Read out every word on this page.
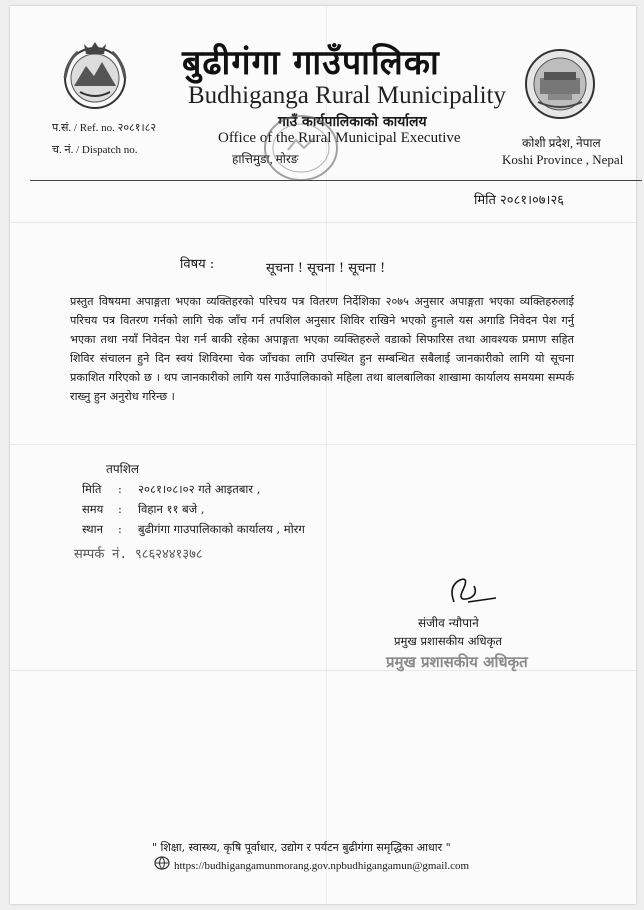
बुढीगंगा गाउँपालिका
Budhiganga Rural Municipality
गाउँ कार्यपालिकाको कार्यालय
Office of the Rural Municipal Executive
हात्तिमुडा, मोरङ
प.सं. / Ref. no. २०८१।८२
च. नं. / Dispatch no.	कोशी प्रदेश, नेपाल
Koshi Province , Nepal
मिति २०८१।०७।२६
विषय :	सूचना ! सूचना ! सूचना !
प्रस्तुत विषयमा अपाङ्गता भएका व्यक्तिहरको परिचय पत्र वितरण निर्देशिका २०७५ अनुसार अपाङ्गता भएका व्यक्तिहरुलाई परिचय पत्र वितरण गर्नको लागि चेक जाँच गर्न तपशिल अनुसार शिविर राखिने भएको हुनाले यस अगाडि निवेदन पेश गर्नु भएका तथा नयाँ निवेदन पेश गर्न बाकी रहेका अपाङ्गता भएका व्यक्तिहरुले वडाको सिफारिस तथा आवश्यक प्रमाण सहित शिविर संचालन हुने दिन स्वयं शिविरमा चेक जाँचका लागि उपस्थित हुन सम्बन्धित सबैलाई जानकारीको लागि यो सूचना प्रकाशित गरिएको छ । थप जानकारीको लागि यस गाउँपालिकाको महिला तथा बालबालिका शाखामा कार्यालय समयमा सम्पर्क राख्नु हुन अनुरोध गरिन्छ ।
तपशिल
मिति : २०८१।०८।०२ गते आइतबार ,
समय : विहान ११ बजे ,
स्थान : बुढीगंगा गाउपालिकाको कार्यालय , मोरग
सम्पर्क नं. ९८६२४४१३७८
संजीव न्यौपाने
प्रमुख प्रशासकीय अधिकृत
प्रमुख प्रशासकीय अधिकृत
" शिक्षा, स्वास्थ्य, कृषि पूर्वाधार, उद्योग र पर्यटन बुढीगंगा समृद्धिका आधार "
https://budhigangamunmorang.gov.npbudhigangamun@gmail.com
